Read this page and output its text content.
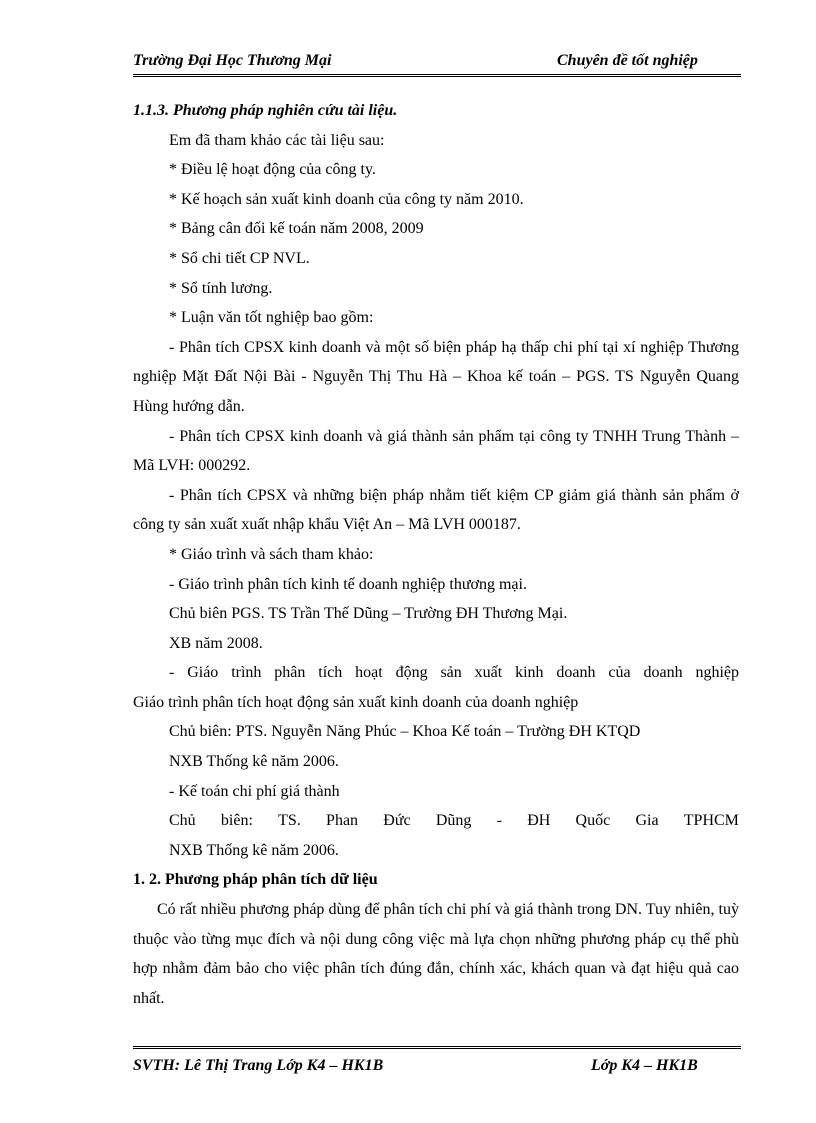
Trường Đại Học Thương Mại	Chuyên đề tốt nghiệp

1.1.3. Phương pháp nghiên cứu tài liệu.

Em đã tham khảo các tài liệu sau:

* Điều lệ hoạt động của công ty.

* Kế hoạch sản xuất kinh doanh của công ty năm 2010.

* Bảng cân đối kế toán năm 2008, 2009

* Sổ chi tiết CP NVL.

* Sổ tính lương.

* Luận văn tốt nghiệp bao gồm:

- Phân tích CPSX kinh doanh và một số biện pháp hạ thấp chi phí tại xí nghiệp Thương nghiệp Mặt Đất Nội Bài - Nguyễn Thị Thu Hà – Khoa kế toán – PGS. TS Nguyễn Quang Hùng hướng dẫn.

- Phân tích CPSX kinh doanh và giá thành sản phẩm tại công ty TNHH Trung Thành – Mã LVH: 000292.

- Phân tích CPSX và những biện pháp nhằm tiết kiệm CP giảm giá thành sản phẩm ở công ty sản xuất xuất nhập khẩu Việt An – Mã LVH 000187.

* Giáo trình và sách tham khảo:

- Giáo trình phân tích kinh tế doanh nghiệp thương mại.

Chủ biên PGS. TS Trần Thế Dũng – Trường ĐH Thương Mại.

XB năm 2008.

- Giáo trình phân tích hoạt động sản xuất kinh doanh của doanh nghiệp

Giáo trình phân tích hoạt động sản xuất kinh doanh của doanh nghiệp

Chủ biên: PTS. Nguyễn Năng Phúc – Khoa Kế toán – Trường ĐH KTQD

NXB Thống kê năm 2006.

- Kế toán chi phí giá thành

Chủ biên: TS. Phan Đức Dũng - ĐH Quốc Gia TPHCM

NXB Thống kê năm 2006.

1. 2. Phương pháp phân tích dữ liệu

Có rất nhiều phương pháp dùng để phân tích chi phí và giá thành trong DN. Tuy nhiên, tuỳ thuộc vào từng mục đích và nội dung công việc mà lựa chọn những phương pháp cụ thể phù hợp nhằm đảm bảo cho việc phân tích đúng đắn, chính xác, khách quan và đạt hiệu quả cao nhất.

SVTH: Lê Thị Trang Lớp K4 – HK1B	Lớp K4 – HK1B
